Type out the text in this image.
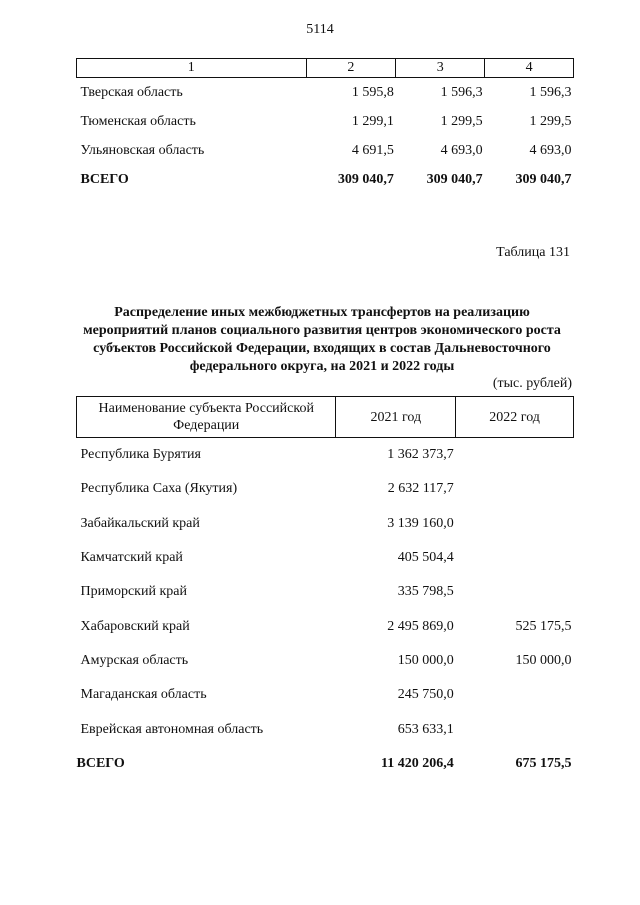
5114
1	2	3	4
Тверская область	1 595,8	1 596,3	1 596,3
Тюменская область	1 299,1	1 299,5	1 299,5
Ульяновская область	4 691,5	4 693,0	4 693,0
ВСЕГО	309 040,7	309 040,7	309 040,7
Таблица 131
Распределение иных межбюджетных трансфертов на реализацию мероприятий планов социального развития центров экономического роста субъектов Российской Федерации, входящих в состав Дальневосточного федерального округа, на 2021 и 2022 годы
(тыс. рублей)
Наименование субъекта Российской Федерации	2021 год	2022 год
Республика Бурятия	1 362 373,7	
Республика Саха (Якутия)	2 632 117,7	
Забайкальский край	3 139 160,0	
Камчатский край	405 504,4	
Приморский край	335 798,5	
Хабаровский край	2 495 869,0	525 175,5
Амурская область	150 000,0	150 000,0
Магаданская область	245 750,0	
Еврейская автономная область	653 633,1	
ВСЕГО	11 420 206,4	675 175,5
